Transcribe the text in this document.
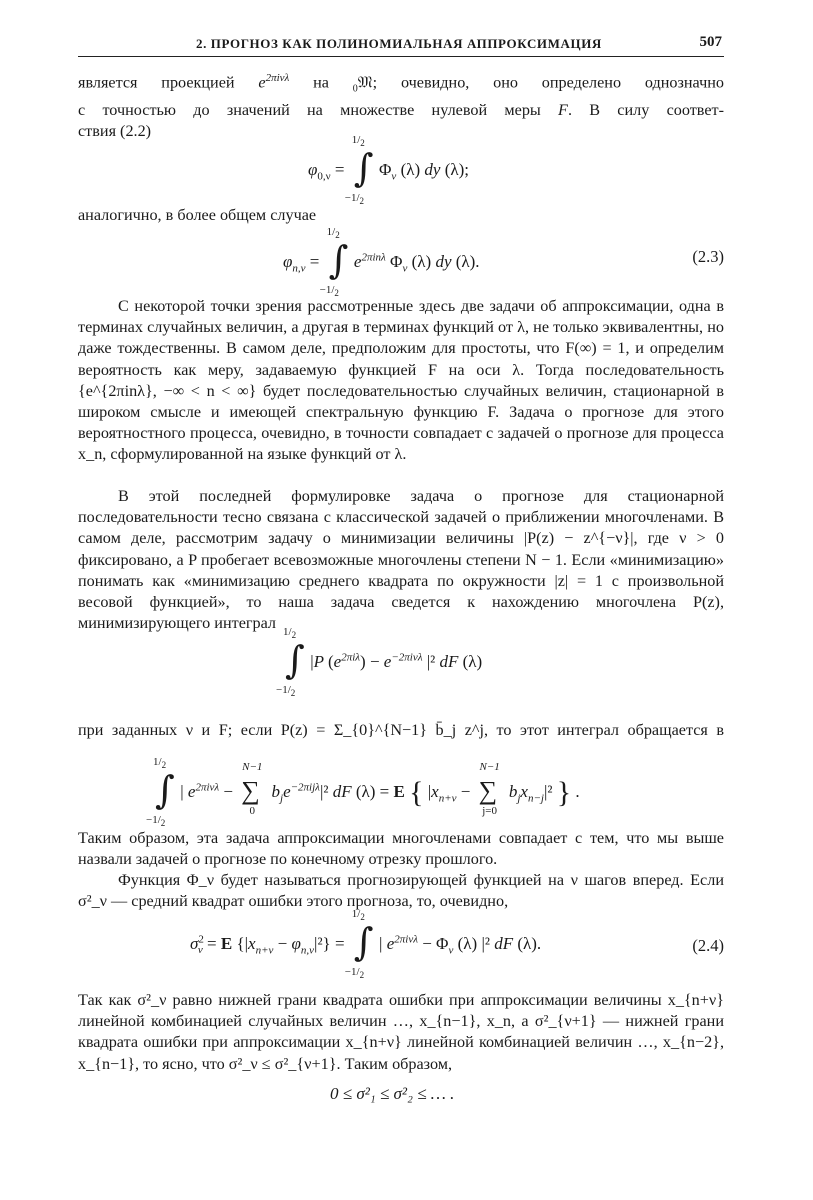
2. ПРОГНОЗ КАК ПОЛИНОМИАЛЬНАЯ АППРОКСИМАЦИЯ	507

является проекцией $e^{2\pi i\nu\lambda}$ на $_0$𝔐; очевидно, оно определено однозначно

с точностью до значений на множестве нулевой меры F. В силу соответ-

ствия (2.2)

$\varphi_{0,\nu}$ =
$1/_2$
∫
$-1/_2$
$\Phi_\nu$ (λ) dy (λ);

аналогично, в более общем случае

$\varphi_{n,\nu}$ =
$1/_2$
∫
$-1/_2$
$e^{2\pi in\lambda}$ $\Phi_\nu$ (λ) dy (λ).	(2.3)

С некоторой точки зрения рассмотренные здесь две задачи об аппроксимации, одна в терминах случайных величин, а другая в терминах функций от λ, не только эквивалентны, но даже тождественны. В самом деле, предположим для простоты, что F(∞) = 1, и определим вероятность как меру, задаваемую функцией F на оси λ. Тогда последовательность {e^{2πinλ}, −∞ < n < ∞} будет последовательностью случайных величин, стационарной в широком смысле и имеющей спектральную функцию F. Задача о прогнозе для этого вероятностного процесса, очевидно, в точности совпадает с задачей о прогнозе для процесса x_n, сформулированной на языке функций от λ.

В этой последней формулировке задача о прогнозе для стационарной последовательности тесно связана с классической задачей о приближении многочленами. В самом деле, рассмотрим задачу о минимизации величины |P(z) − z^{−ν}|, где ν > 0 фиксировано, а P пробегает всевозможные многочлены степени N − 1. Если «минимизацию» понимать как «минимизацию среднего квадрата по окружности |z| = 1 с произвольной весовой функцией», то наша задача сведется к нахождению многочлена P(z), минимизирующего интеграл $1/_2$
∫
$-1/_2$
|P $(e^{2\pi i\lambda}) - e^{-2\pi i\nu\lambda}$ |² dF (λ)

при заданных ν и F; если P(z) = Σ_{0}^{N−1} b̄_j z^j, то этот интеграл обращается в

$1/_2$
∫
$-1/_2$
| $e^{2\pi i\nu\lambda}$ −
N−1
∑
0
$b_je^{-2\pi ij\lambda}|^2$ dF (λ) = E { $|x_{n+\nu}$ −
N−1
∑
j=0
$b_jx_{n-j}|^2$ } .

Таким образом, эта задача аппроксимации многочленами совпадает с тем, что мы выше назвали задачей о прогнозе по конечному отрезку прошлого.

Функция Φ_ν будет называться прогнозирующей функцией на ν шагов вперед. Если σ²_ν — средний квадрат ошибки этого прогноза, то, очевидно,

$\sigma^2_\nu = E$ $\{|x_{n+\nu} - \varphi_{n,\nu}|^2\}$ =
$1/_2$
∫
$-1/_2$
| $e^{2\pi i\nu\lambda} - \Phi_\nu$ (λ) |² dF (λ).	(2.4)

Так как σ²_ν равно нижней грани квадрата ошибки при аппроксимации величины x_{n+ν} линейной комбинацией случайных величин …, x_{n−1}, x_n, а σ²_{ν+1} — нижней грани квадрата ошибки при аппроксимации x_{n+ν} линейной комбинацией величин …, x_{n−2}, x_{n−1}, то ясно, что σ²_ν ≤ σ²_{ν+1}. Таким образом,

0 ≤ σ²₁ ≤ σ²₂ ≤ … .
